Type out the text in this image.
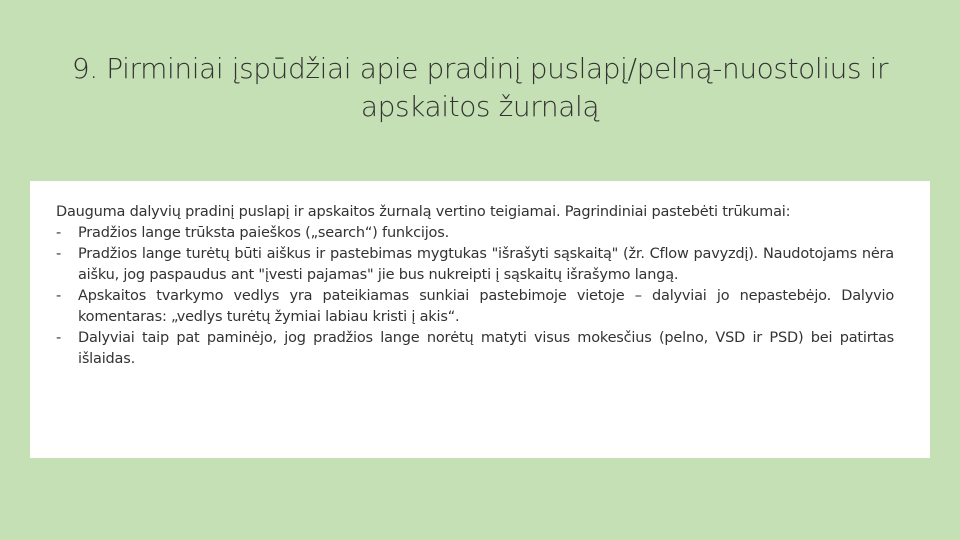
9. Pirminiai įspūdžiai apie pradinį puslapį/pelną-nuostolius ir
apskaitos žurnalą

Dauguma dalyvių pradinį puslapį ir apskaitos žurnalą vertino teigiamai. Pagrindiniai pastebėti trūkumai:

-	Pradžios lange trūksta paieškos („search“) funkcijos.
-	Pradžios lange turėtų būti aiškus ir pastebimas mygtukas "išrašyti sąskaitą" (žr. Cflow pavyzdį). Naudotojams nėra aišku, jog paspaudus ant "įvesti pajamas" jie bus nukreipti į sąskaitų išrašymo langą.
-	Apskaitos tvarkymo vedlys yra pateikiamas sunkiai pastebimoje vietoje – dalyviai jo nepastebėjo. Dalyvio komentaras: „vedlys turėtų žymiai labiau kristi į akis“.
-	Dalyviai taip pat paminėjo, jog pradžios lange norėtų matyti visus mokesčius (pelno, VSD ir PSD) bei patirtas išlaidas.
